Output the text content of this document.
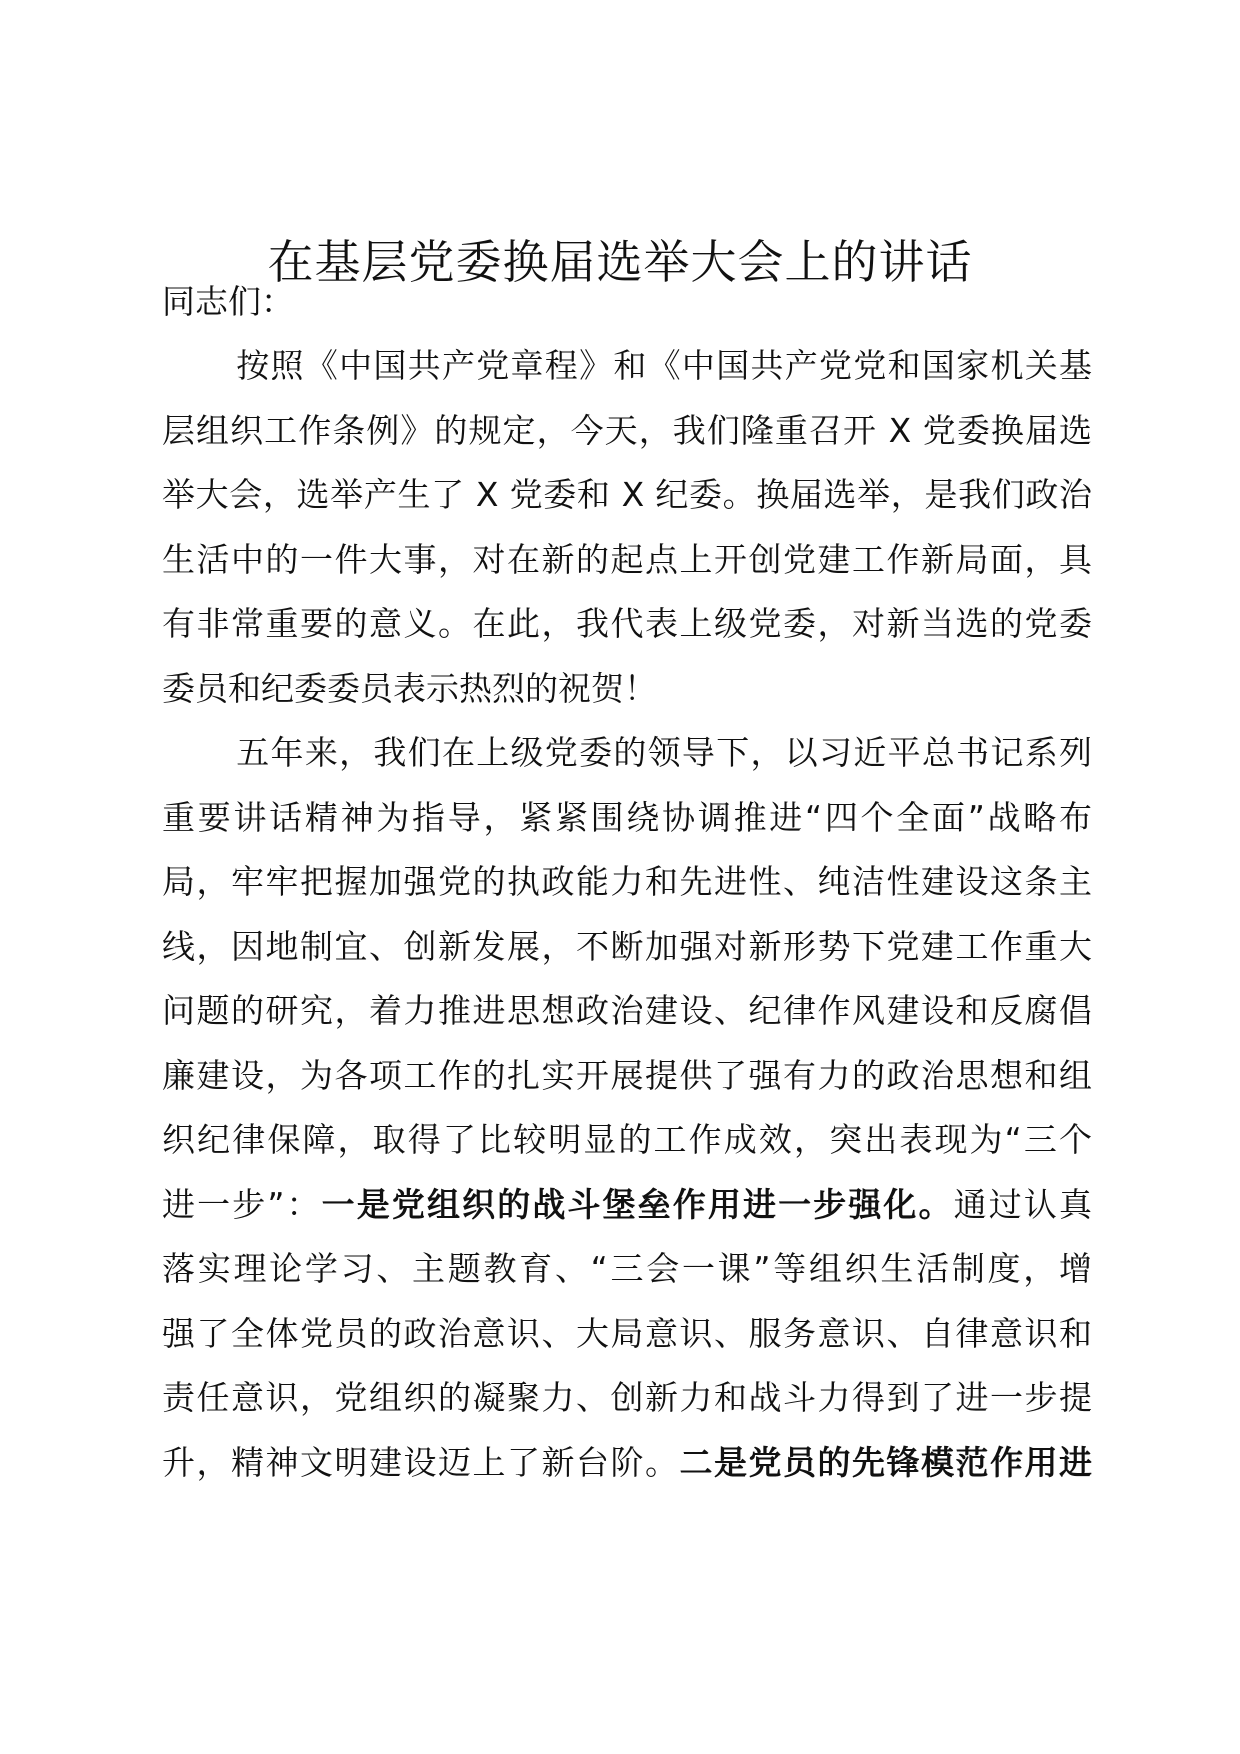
在基层党委换届选举大会上的讲话
同志们：
按照《中国共产党章程》和《中国共产党党和国家机关基
层组织工作条例》的规定，今天，我们隆重召开 X 党委换届选
举大会，选举产生了 X 党委和 X 纪委。换届选举，是我们政治
生活中的一件大事，对在新的起点上开创党建工作新局面，具
有非常重要的意义。在此，我代表上级党委，对新当选的党委
委员和纪委委员表示热烈的祝贺！
五年来，我们在上级党委的领导下，以习近平总书记系列
重要讲话精神为指导，紧紧围绕协调推进“四个全面”战略布
局，牢牢把握加强党的执政能力和先进性、纯洁性建设这条主
线，因地制宜、创新发展，不断加强对新形势下党建工作重大
问题的研究，着力推进思想政治建设、纪律作风建设和反腐倡
廉建设，为各项工作的扎实开展提供了强有力的政治思想和组
织纪律保障，取得了比较明显的工作成效，突出表现为“三个
进一步”：一是党组织的战斗堡垒作用进一步强化。通过认真
落实理论学习、主题教育、“三会一课”等组织生活制度，增
强了全体党员的政治意识、大局意识、服务意识、自律意识和
责任意识，党组织的凝聚力、创新力和战斗力得到了进一步提
升，精神文明建设迈上了新台阶。二是党员的先锋模范作用进
